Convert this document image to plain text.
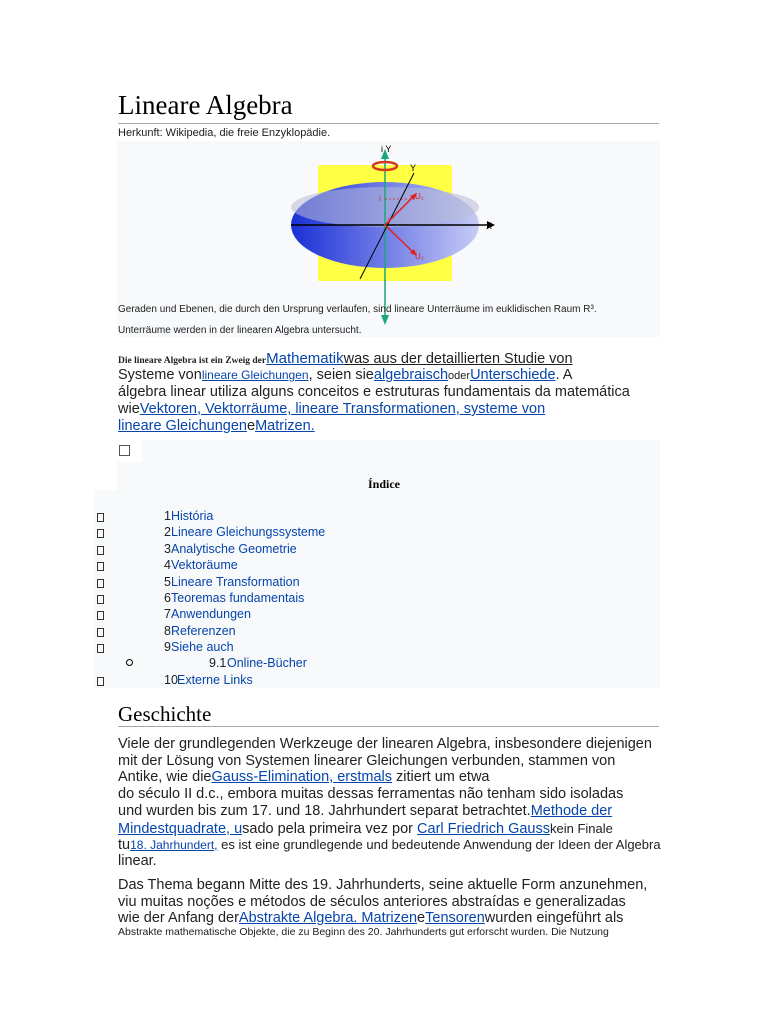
Lineare Algebra
Herkunft: Wikipedia, die freie Enzyklopädie.
i Y
Y
X
U₁
U₂
i
1
Geraden und Ebenen, die durch den Ursprung verlaufen, sind lineare Unterräume im euklidischen Raum R³.
Unterräume werden in der linearen Algebra untersucht.
Die lineare Algebra ist ein Zweig derMathematikwas aus der detaillierten Studie von
Systeme vonlineare Gleichungen, seien siealgebraischoderUnterschiede. A
álgebra linear utiliza alguns conceitos e estruturas fundamentais da matemática
wieVektoren, Vektorräume, lineare Transformationen, systeme von
lineare GleichungeneMatrizen.
Índice
1 História
2 Lineare Gleichungssysteme
3 Analytische Geometrie
4 Vektoräume
5 Lineare Transformation
6 Teoremas fundamentais
7 Anwendungen
8 Referenzen
9 Siehe auch
9.1 Online-Bücher
10 Externe Links
Geschichte
Viele der grundlegenden Werkzeuge der linearen Algebra, insbesondere diejenigen
mit der Lösung von Systemen linearer Gleichungen verbunden, stammen von
Antike, wie dieGauss-Elimination, erstmals zitiert um etwa
do século II d.c., embora muitas dessas ferramentas não tenham sido isoladas
und wurden bis zum 17. und 18. Jahrhundert separat betrachtet.Methode der
Mindestquadrate, usado pela primeira vez por Carl Friedrich Gausskein Finale
tu18. Jahrhundert, es ist eine grundlegende und bedeutende Anwendung der Ideen der Algebra
linear.
Das Thema begann Mitte des 19. Jahrhunderts, seine aktuelle Form anzunehmen,
viu muitas noções e métodos de séculos anteriores abstraídas e generalizadas
wie der Anfang derAbstrakte Algebra. MatrizeneTensorenwurden eingeführt als
Abstrakte mathematische Objekte, die zu Beginn des 20. Jahrhunderts gut erforscht wurden. Die Nutzung
